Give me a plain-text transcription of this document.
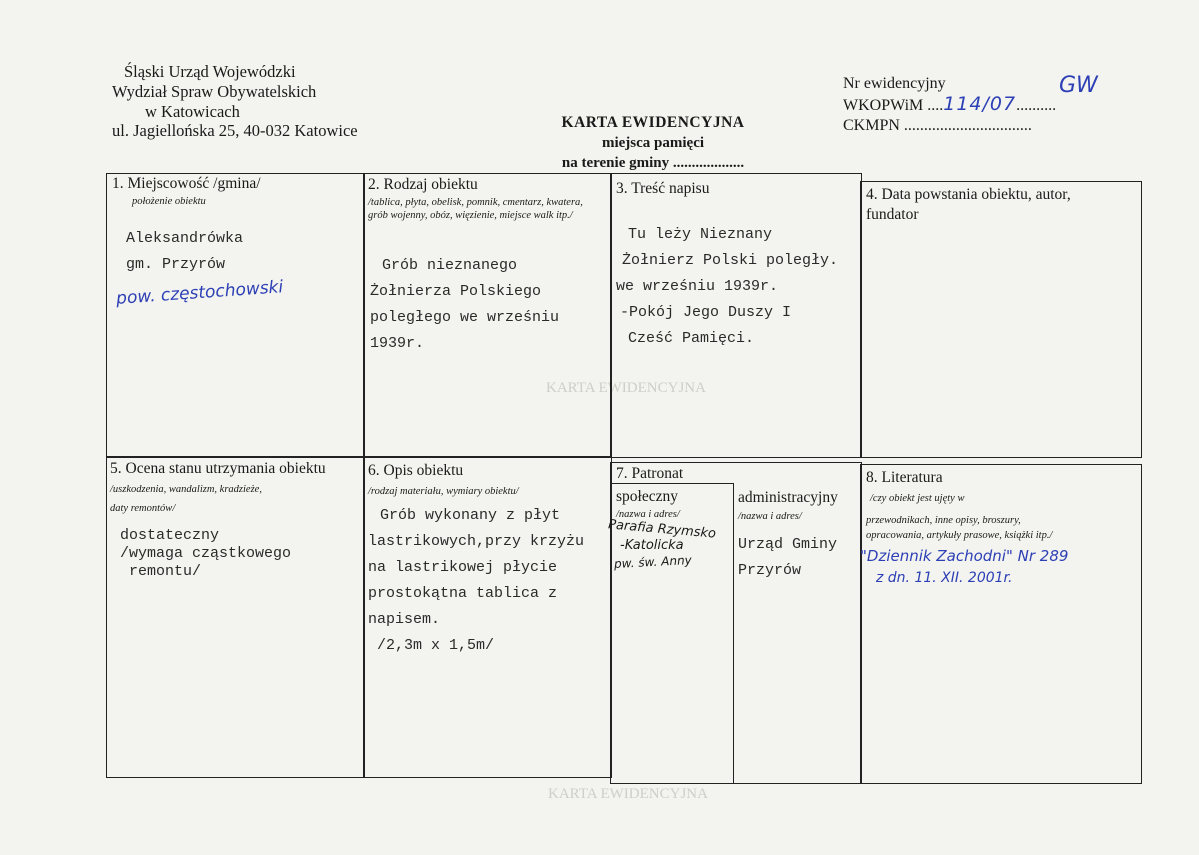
KARTA EWIDENCYJNA
KARTA EWIDENCYJNA
Śląski Urząd Wojewódzki
Wydział Spraw Obywatelskich
w Katowicach
ul. Jagiellońska 25, 40-032 Katowice	KARTA EWIDENCYJNA
miejsca pamięci
na terenie gminy ...................
Nr ewidencyjny
WKOPWiM ....114/07..........
GW
CKMPN ................................
1. Miejscowość /gmina/
położenie obiektu
Aleksandrówka
gm. Przyrów
pow. częstochowski
2. Rodzaj obiektu
/tablica, płyta, obelisk, pomnik, cmentarz, kwatera, grób wojenny, obóz, więzienie, miejsce walk itp./
Grób nieznanego
Żołnierza Polskiego
poległego we wrześniu
1939r.
3. Treść napisu
Tu leży Nieznany
Żołnierz Polski poległy.
we wrześniu 1939r.
-Pokój Jego Duszy I
Cześć Pamięci.
4. Data powstania obiektu, autor,
fundator
5. Ocena stanu utrzymania obiektu
/uszkodzenia, wandalizm, kradzieże,
daty remontów/
dostateczny
/wymaga cząstkowego
remontu/
6. Opis obiektu
/rodzaj materiału, wymiary obiektu/
Grób wykonany z płyt
lastrikowych,przy krzyżu
na lastrikowej płycie
prostokątna tablica z
napisem.
/2,3m x 1,5m/
7. Patronat
społeczny
/nazwa i adres/
Parafia Rzymsko
-Katolicka
pw. św. Anny
administracyjny
/nazwa i adres/
Urząd Gminy
Przyrów
8. Literatura
/czy obiekt jest ujęty w
przewodnikach, inne opisy, broszury,
opracowania, artykuły prasowe, książki itp./
"Dziennik Zachodni" Nr 289
z dn. 11. XII. 2001r.
